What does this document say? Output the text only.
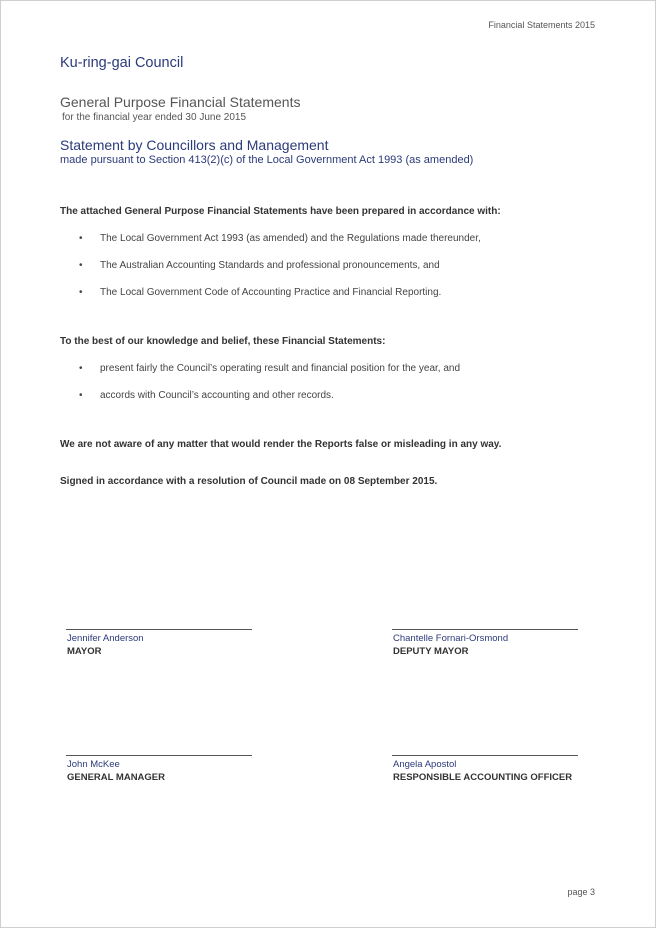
Financial Statements 2015
Ku-ring-gai Council
General Purpose Financial Statements
for the financial year ended 30 June 2015
Statement by Councillors and Management
made pursuant to Section 413(2)(c) of the Local Government Act 1993 (as amended)
The attached General Purpose Financial Statements have been prepared in accordance with:
• The Local Government Act 1993 (as amended) and the Regulations made thereunder,
• The Australian Accounting Standards and professional pronouncements, and
• The Local Government Code of Accounting Practice and Financial Reporting.
To the best of our knowledge and belief, these Financial Statements:
• present fairly the Council’s operating result and financial position for the year, and
• accords with Council’s accounting and other records.
We are not aware of any matter that would render the Reports false or misleading in any way.
Signed in accordance with a resolution of Council made on 08 September 2015.
Jennifer Anderson
MAYOR
Chantelle Fornari-Orsmond
DEPUTY MAYOR
John McKee
GENERAL MANAGER
Angela Apostol
RESPONSIBLE ACCOUNTING OFFICER
page 3
